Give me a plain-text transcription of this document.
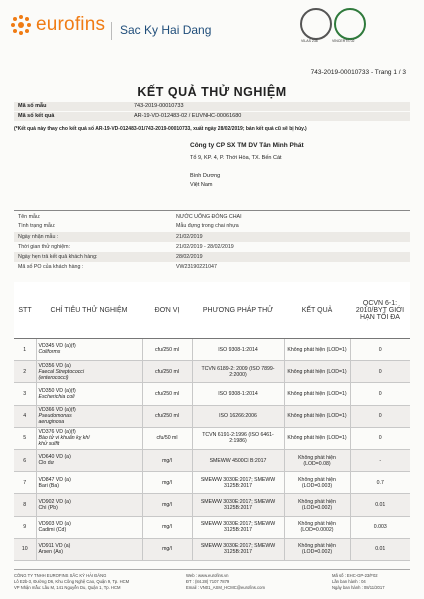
eurofins Sac Ky Hai Dang
VILAS 238	VINCERTS 02
743-2019-00010733 - Trang 1 / 3
KẾT QUẢ THỬ NGHIỆM
Mã số mẫu	743-2019-00010733
Mã số kết quả	AR-19-VD-012483-02 / EUVNHC-00061680
(*Kết quả này thay cho kết quả số AR-19-VD-012483-01/743-2019-00010733, xuất ngày 28/02/2019; bản kết quả cũ sẽ bị hủy.)
Công ty CP SX TM DV Tân Minh Phát
Tổ 9, KP. 4, P. Thới Hòa, TX. Bến Cát
Bình Dương
Việt Nam
Tên mẫu:	NƯỚC UỐNG ĐÓNG CHAI
Tình trạng mẫu:	Mẫu đựng trong chai nhựa
Ngày nhận mẫu :	21/02/2019
Thời gian thử nghiệm:	21/02/2019 - 28/02/2019
Ngày hẹn trả kết quả khách hàng:	28/02/2019
Mã số PO của khách hàng :	VW23190221047
STT	CHỈ TIÊU THỬ NGHIỆM	ĐƠN VỊ	PHƯƠNG PHÁP THỬ	KẾT QUẢ	QCVN 6-1: 2010/BYT GIỚI HẠN TỐI ĐA
1	VD345 VD (a)(f)Coliforms	cfu/250 ml	ISO 9308-1:2014	Không phát hiện (LOD=1)	0
2	VD356 VD (a)Faecal Streptococci (enterococci)	cfu/250 ml	TCVN 6189-2: 2009 (ISO 7899-2:2000)	Không phát hiện (LOD=1)	0
3	VD350 VD (a)(f)Escherichia coli	cfu/250 ml	ISO 9308-1:2014	Không phát hiện (LOD=1)	0
4	VD366 VD (a)(f)Pseudomonas aeruginosa	cfu/250 ml	ISO 16266:2006	Không phát hiện (LOD=1)	0
5	VD376 VD (a)(f)Bào tử vi khuẩn kỵ khí khử sulfit	cfu/50 ml	TCVN 6191-2:1996 (ISO 6461-2:1986)	Không phát hiện (LOD=1)	0
6	VD640 VD (a)Clo dư	mg/l	SMEWW 4500Cl B:2017	Không phát hiện (LOD=0.08)	-
7	VD847 VD (a)Bari (Ba)	mg/l	SMEWW 3030E:2017; SMEWW 3125B:2017	Không phát hiện (LOD=0.003)	0.7
8	VD902 VD (a)Chì (Pb)	mg/l	SMEWW 3030E:2017; SMEWW 3125B:2017	Không phát hiện (LOD=0.002)	0.01
9	VD903 VD (a)Cadimi (Cd)	mg/l	SMEWW 3030E:2017; SMEWW 3125B:2017	Không phát hiện (LOD=0.0002)	0.003
10	VD911 VD (a)Arsen (As)	mg/l	SMEWW 3030E:2017; SMEWW 3125B:2017	Không phát hiện (LOD=0.002)	0.01
CÔNG TY TNHH EUROFINS SẮC KÝ HẢI ĐĂNG
Lô E2b-3, Đường D6, Khu Công Nghệ Cao, Quận 9, Tp. HCM
VP Nhận mẫu: Lầu M, 141 Nguyễn Du, Quận 1, Tp. HCM
Web : www.eurofins.vn
ĐT : (84.28) 7107 7879
Email : VN01_ASM_HCMC@eurofins.com
Mã số : EHC-GP-23/F02
Lần ban hành : 04
Ngày ban hành : 08/11/2017
